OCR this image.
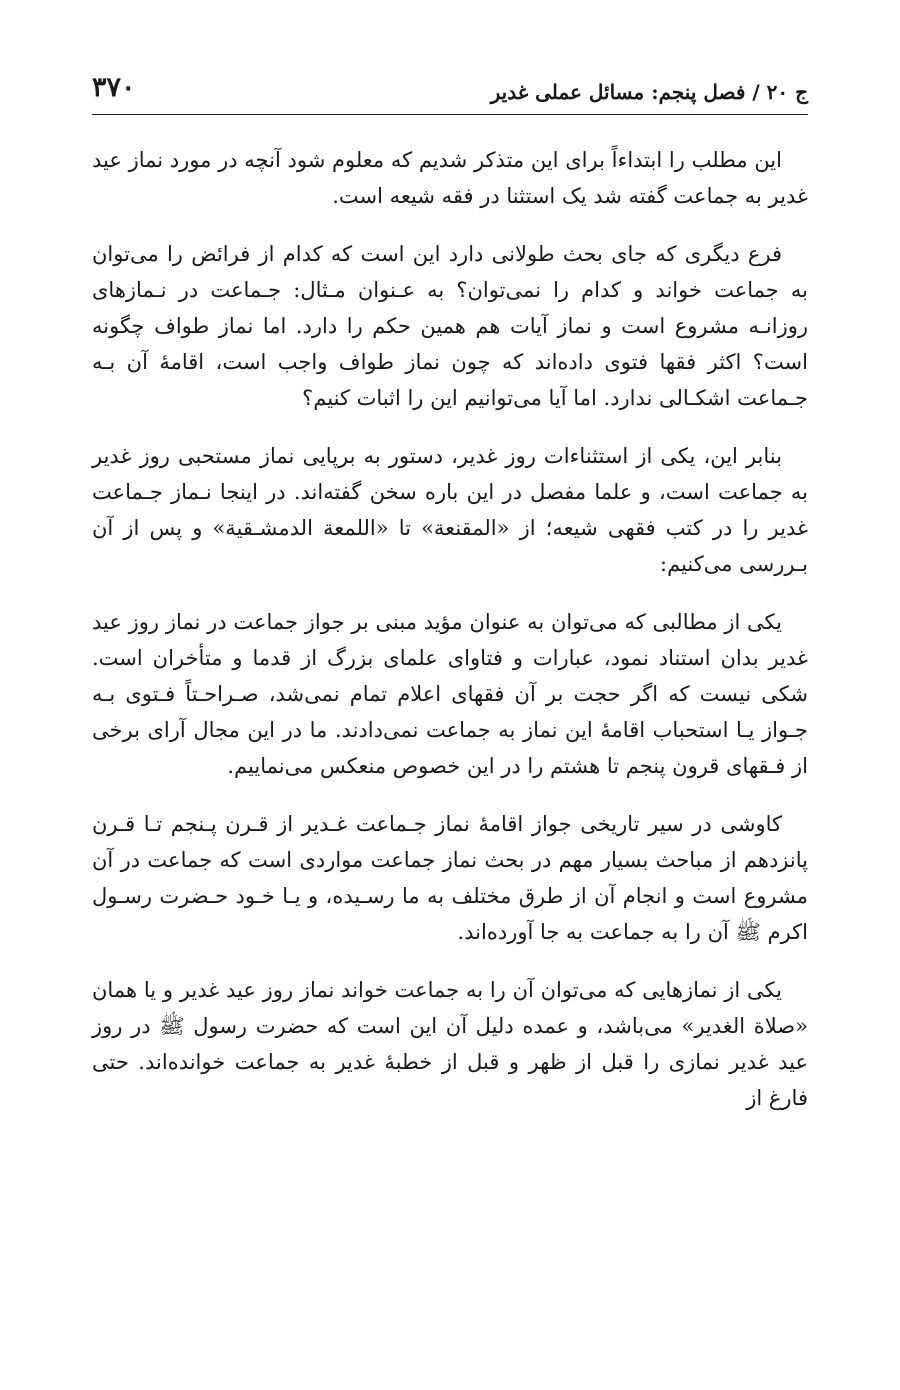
ج ۲۰ / فصل پنجم: مسائل عملی غدیر
۳۷۰

این مطلب را ابتداءاً برای این متذکر شدیم که معلوم شود آنچه در مورد نماز عید غدیر به جماعت گفته شد یک استثنا در فقه شیعه است.

فرع دیگری که جای بحث طولانی دارد این است که کدام از فرائض را می‌توان به جماعت خواند و کدام را نمی‌توان؟ به عـنوان مـثال: جـماعت در نـمازهای روزانـه مشروع است و نماز آیات هم همین حکم را دارد. اما نماز طواف چگونه است؟ اکثر فقها فتوی داده‌اند که چون نماز طواف واجب است، اقامهٔ آن بـه جـماعت اشکـالی ندارد. اما آیا می‌توانیم این را اثبات کنیم؟

بنابر این، یکی از استثناءات روز غدیر، دستور به برپایی نماز مستحبی روز غدیر به جماعت است، و علما مفصل در این باره سخن گفته‌اند. در اینجا نـماز جـماعت غدیر را در کتب فقهی شیعه؛ از «المقنعة» تا «اللمعة الدمشـقية» و پس از آن بـررسی می‌کنیم:

یکی از مطالبی که می‌توان به عنوان مؤید مبنی بر جواز جماعت در نماز روز عید غدیر بدان استناد نمود، عبارات و فتاوای علمای بزرگ از قدما و متأخران است. شکی نیست که اگر حجت بر آن فقهای اعلام تمام نمی‌شد، صـراحـتاً فـتوی بـه جـواز یـا استحباب اقامهٔ این نماز به جماعت نمی‌دادند. ما در این مجال آرای برخی از فـقهای قرون پنجم تا هشتم را در این خصوص منعکس می‌نماییم.

کاوشی در سیر تاریخی جواز اقامهٔ نماز جـماعت غـدیر از قـرن پـنجم تـا قـرن پانزدهم از مباحث بسیار مهم در بحث نماز جماعت مواردی است که جماعت در آن مشروع است و انجام آن از طرق مختلف به ما رسـیده، و یـا خـود حـضرت رسـول اکرم ﷺ آن را به جماعت به جا آورده‌اند.

یکی از نمازهایی که می‌توان آن را به جماعت خواند نماز روز عید غدیر و یا همان «صلاة الغدیر» می‌باشد، و عمده دلیل آن این است که حضرت رسول ﷺ در روز عید غدیر نمازی را قبل از ظهر و قبل از خطبهٔ غدیر به جماعت خوانده‌اند. حتی فارغ از
